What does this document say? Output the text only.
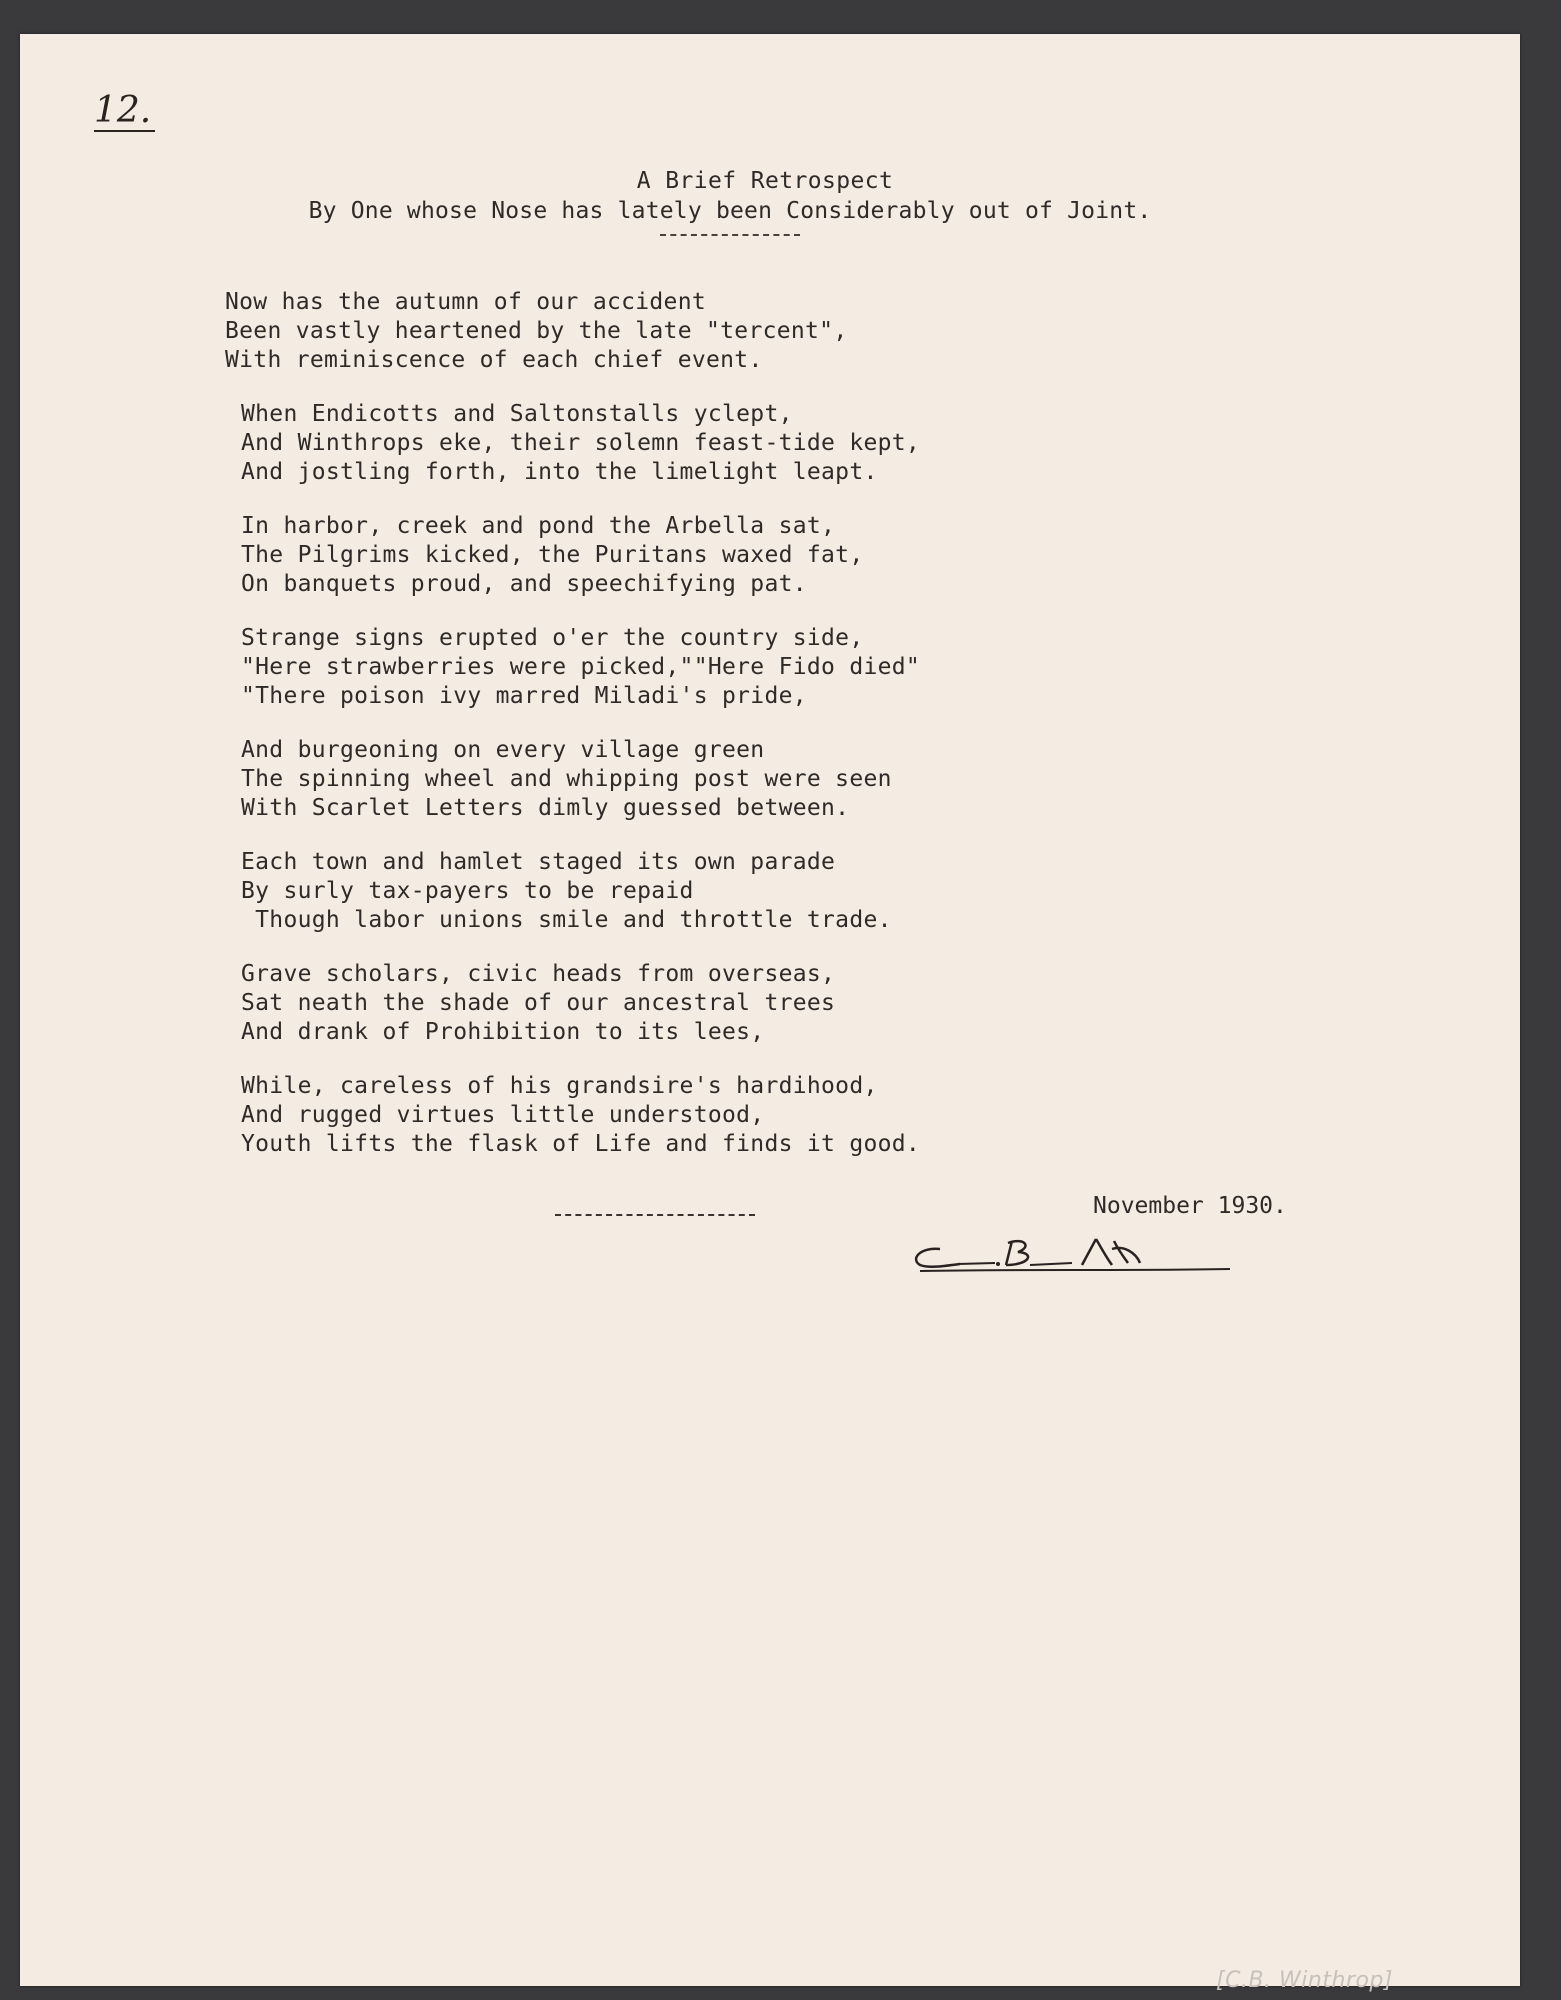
12.
A Brief Retrospect
By One whose Nose has lately been Considerably out of Joint.
Now has the autumn of our accident
Been vastly heartened by the late "tercent",
With reminiscence of each chief event.
When Endicotts and Saltonstalls yclept,
And Winthrops eke, their solemn feast-tide kept,
And jostling forth, into the limelight leapt.
In harbor, creek and pond the Arbella sat,
The Pilgrims kicked, the Puritans waxed fat,
On banquets proud, and speechifying pat.
Strange signs erupted o'er the country side,
"Here strawberries were picked,""Here Fido died"
"There poison ivy marred Miladi's pride,
And burgeoning on every village green
The spinning wheel and whipping post were seen
With Scarlet Letters dimly guessed between.
Each town and hamlet staged its own parade
By surly tax-payers to be repaid
Though labor unions smile and throttle trade.
Grave scholars, civic heads from overseas,
Sat neath the shade of our ancestral trees
And drank of Prohibition to its lees,
While, careless of his grandsire's hardihood,
And rugged virtues little understood,
Youth lifts the flask of Life and finds it good.
November 1930.
[C.B. Winthrop]
